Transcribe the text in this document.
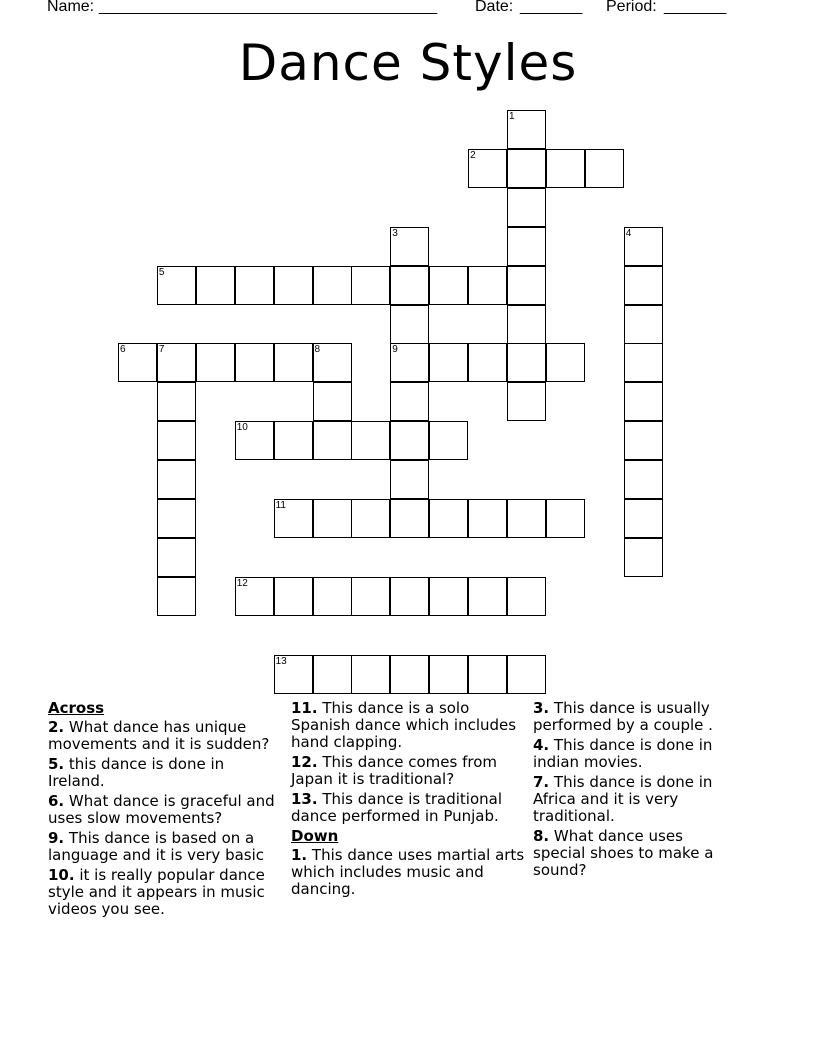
Name: ______________________________________ Date: _______ Period: _______
Dance Styles
1
2
3	4
5
6	7	8	9
10
11
12
13
Across
2. What dance has unique movements and it is sudden?
5. this dance is done in Ireland.
6. What dance is graceful and uses slow movements?
9. This dance is based on a language and it is very basic
10. it is really popular dance style and it appears in music videos you see.
11. This dance is a solo Spanish dance which includes hand clapping.
12. This dance comes from Japan it is traditional?
13. This dance is traditional dance performed in Punjab.
Down
1. This dance uses martial arts which includes music and dancing.
3. This dance is usually performed by a couple .
4. This dance is done in indian movies.
7. This dance is done in Africa and it is very traditional.
8. What dance uses special shoes to make a sound?
